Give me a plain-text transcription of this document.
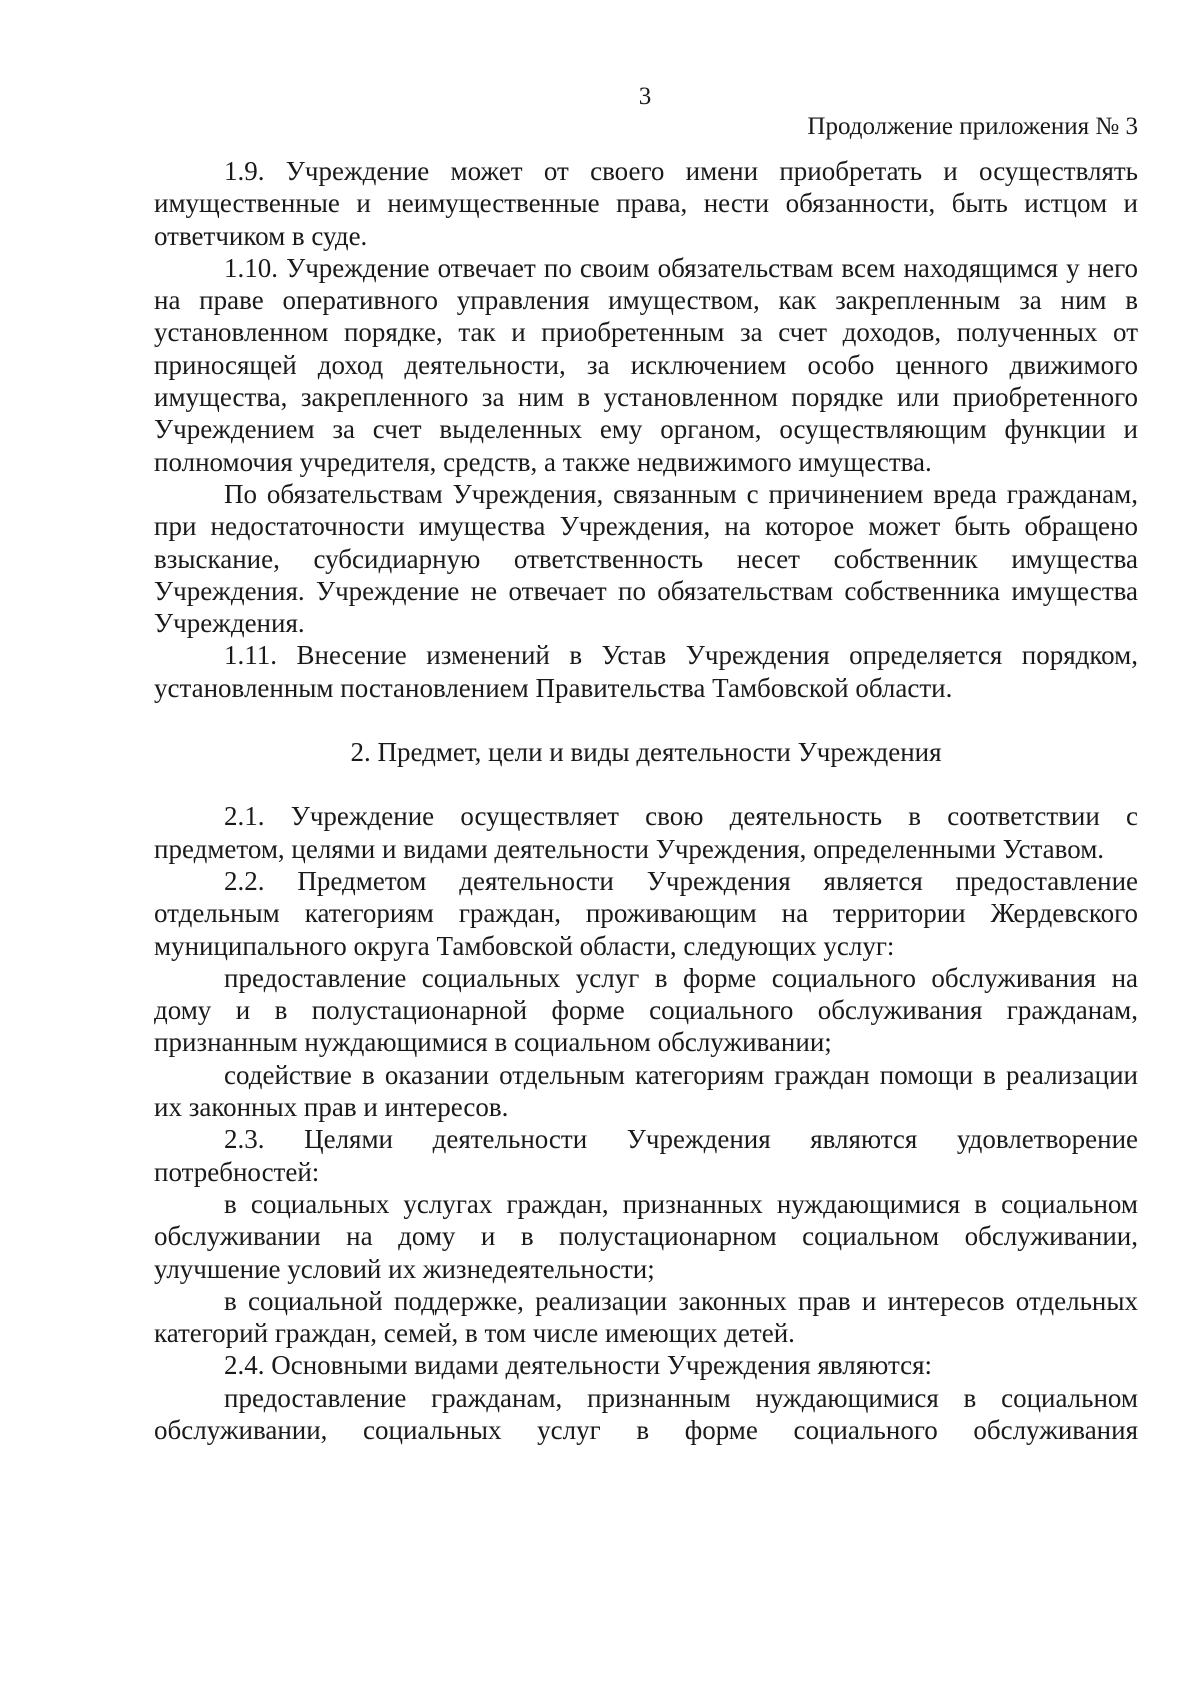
3
Продолжение приложения № 3

1.9. Учреждение может от своего имени приобретать и осуществлять имущественные и неимущественные права, нести обязанности, быть истцом и ответчиком в суде.

1.10. Учреждение отвечает по своим обязательствам всем находящимся у него на праве оперативного управления имуществом, как закрепленным за ним в установленном порядке, так и приобретенным за счет доходов, полученных от приносящей доход деятельности, за исключением особо ценного движимого имущества, закрепленного за ним в установленном порядке или приобретенного Учреждением за счет выделенных ему органом, осуществляющим функции и полномочия учредителя, средств, а также недвижимого имущества.

По обязательствам Учреждения, связанным с причинением вреда гражданам, при недостаточности имущества Учреждения, на которое может быть обращено взыскание, субсидиарную ответственность несет собственник имущества Учреждения. Учреждение не отвечает по обязательствам собственника имущества Учреждения.

1.11. Внесение изменений в Устав Учреждения определяется порядком, установленным постановлением Правительства Тамбовской области.

2. Предмет, цели и виды деятельности Учреждения

2.1. Учреждение осуществляет свою деятельность в соответствии с предметом, целями и видами деятельности Учреждения, определенными Уставом.

2.2. Предметом деятельности Учреждения является предоставление отдельным категориям граждан, проживающим на территории Жердевского муниципального округа Тамбовской области, следующих услуг:

предоставление социальных услуг в форме социального обслуживания на дому и в полустационарной форме социального обслуживания гражданам, признанным нуждающимися в социальном обслуживании;

содействие в оказании отдельным категориям граждан помощи в реализации их законных прав и интересов.

2.3. Целями деятельности Учреждения являются удовлетворение потребностей:

в социальных услугах граждан, признанных нуждающимися в социальном обслуживании на дому и в полустационарном социальном обслуживании, улучшение условий их жизнедеятельности;

в социальной поддержке, реализации законных прав и интересов отдельных категорий граждан, семей, в том числе имеющих детей.

2.4. Основными видами деятельности Учреждения являются:

предоставление гражданам, признанным нуждающимися в социальном обслуживании, социальных услуг в форме социального обслуживания
